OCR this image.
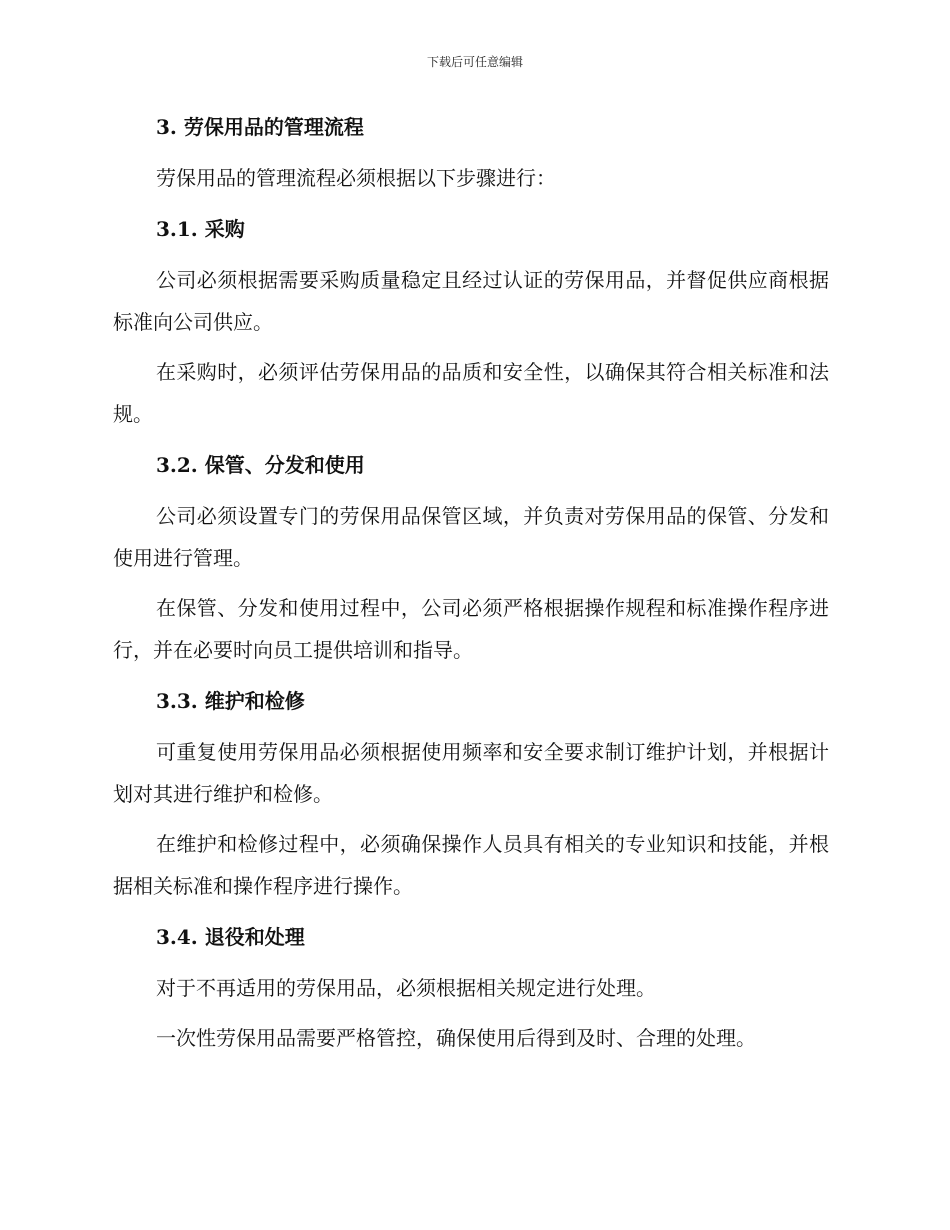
下载后可任意编辑
3. 劳保用品的管理流程

劳保用品的管理流程必须根据以下步骤进行：

3.1. 采购

公司必须根据需要采购质量稳定且经过认证的劳保用品，并督促供应商根据标准向公司供应。

在采购时，必须评估劳保用品的品质和安全性，以确保其符合相关标准和法规。

3.2. 保管、分发和使用

公司必须设置专门的劳保用品保管区域，并负责对劳保用品的保管、分发和使用进行管理。

在保管、分发和使用过程中，公司必须严格根据操作规程和标准操作程序进行，并在必要时向员工提供培训和指导。

3.3. 维护和检修

可重复使用劳保用品必须根据使用频率和安全要求制订维护计划，并根据计划对其进行维护和检修。

在维护和检修过程中，必须确保操作人员具有相关的专业知识和技能，并根据相关标准和操作程序进行操作。

3.4. 退役和处理

对于不再适用的劳保用品，必须根据相关规定进行处理。

一次性劳保用品需要严格管控，确保使用后得到及时、合理的处理。
